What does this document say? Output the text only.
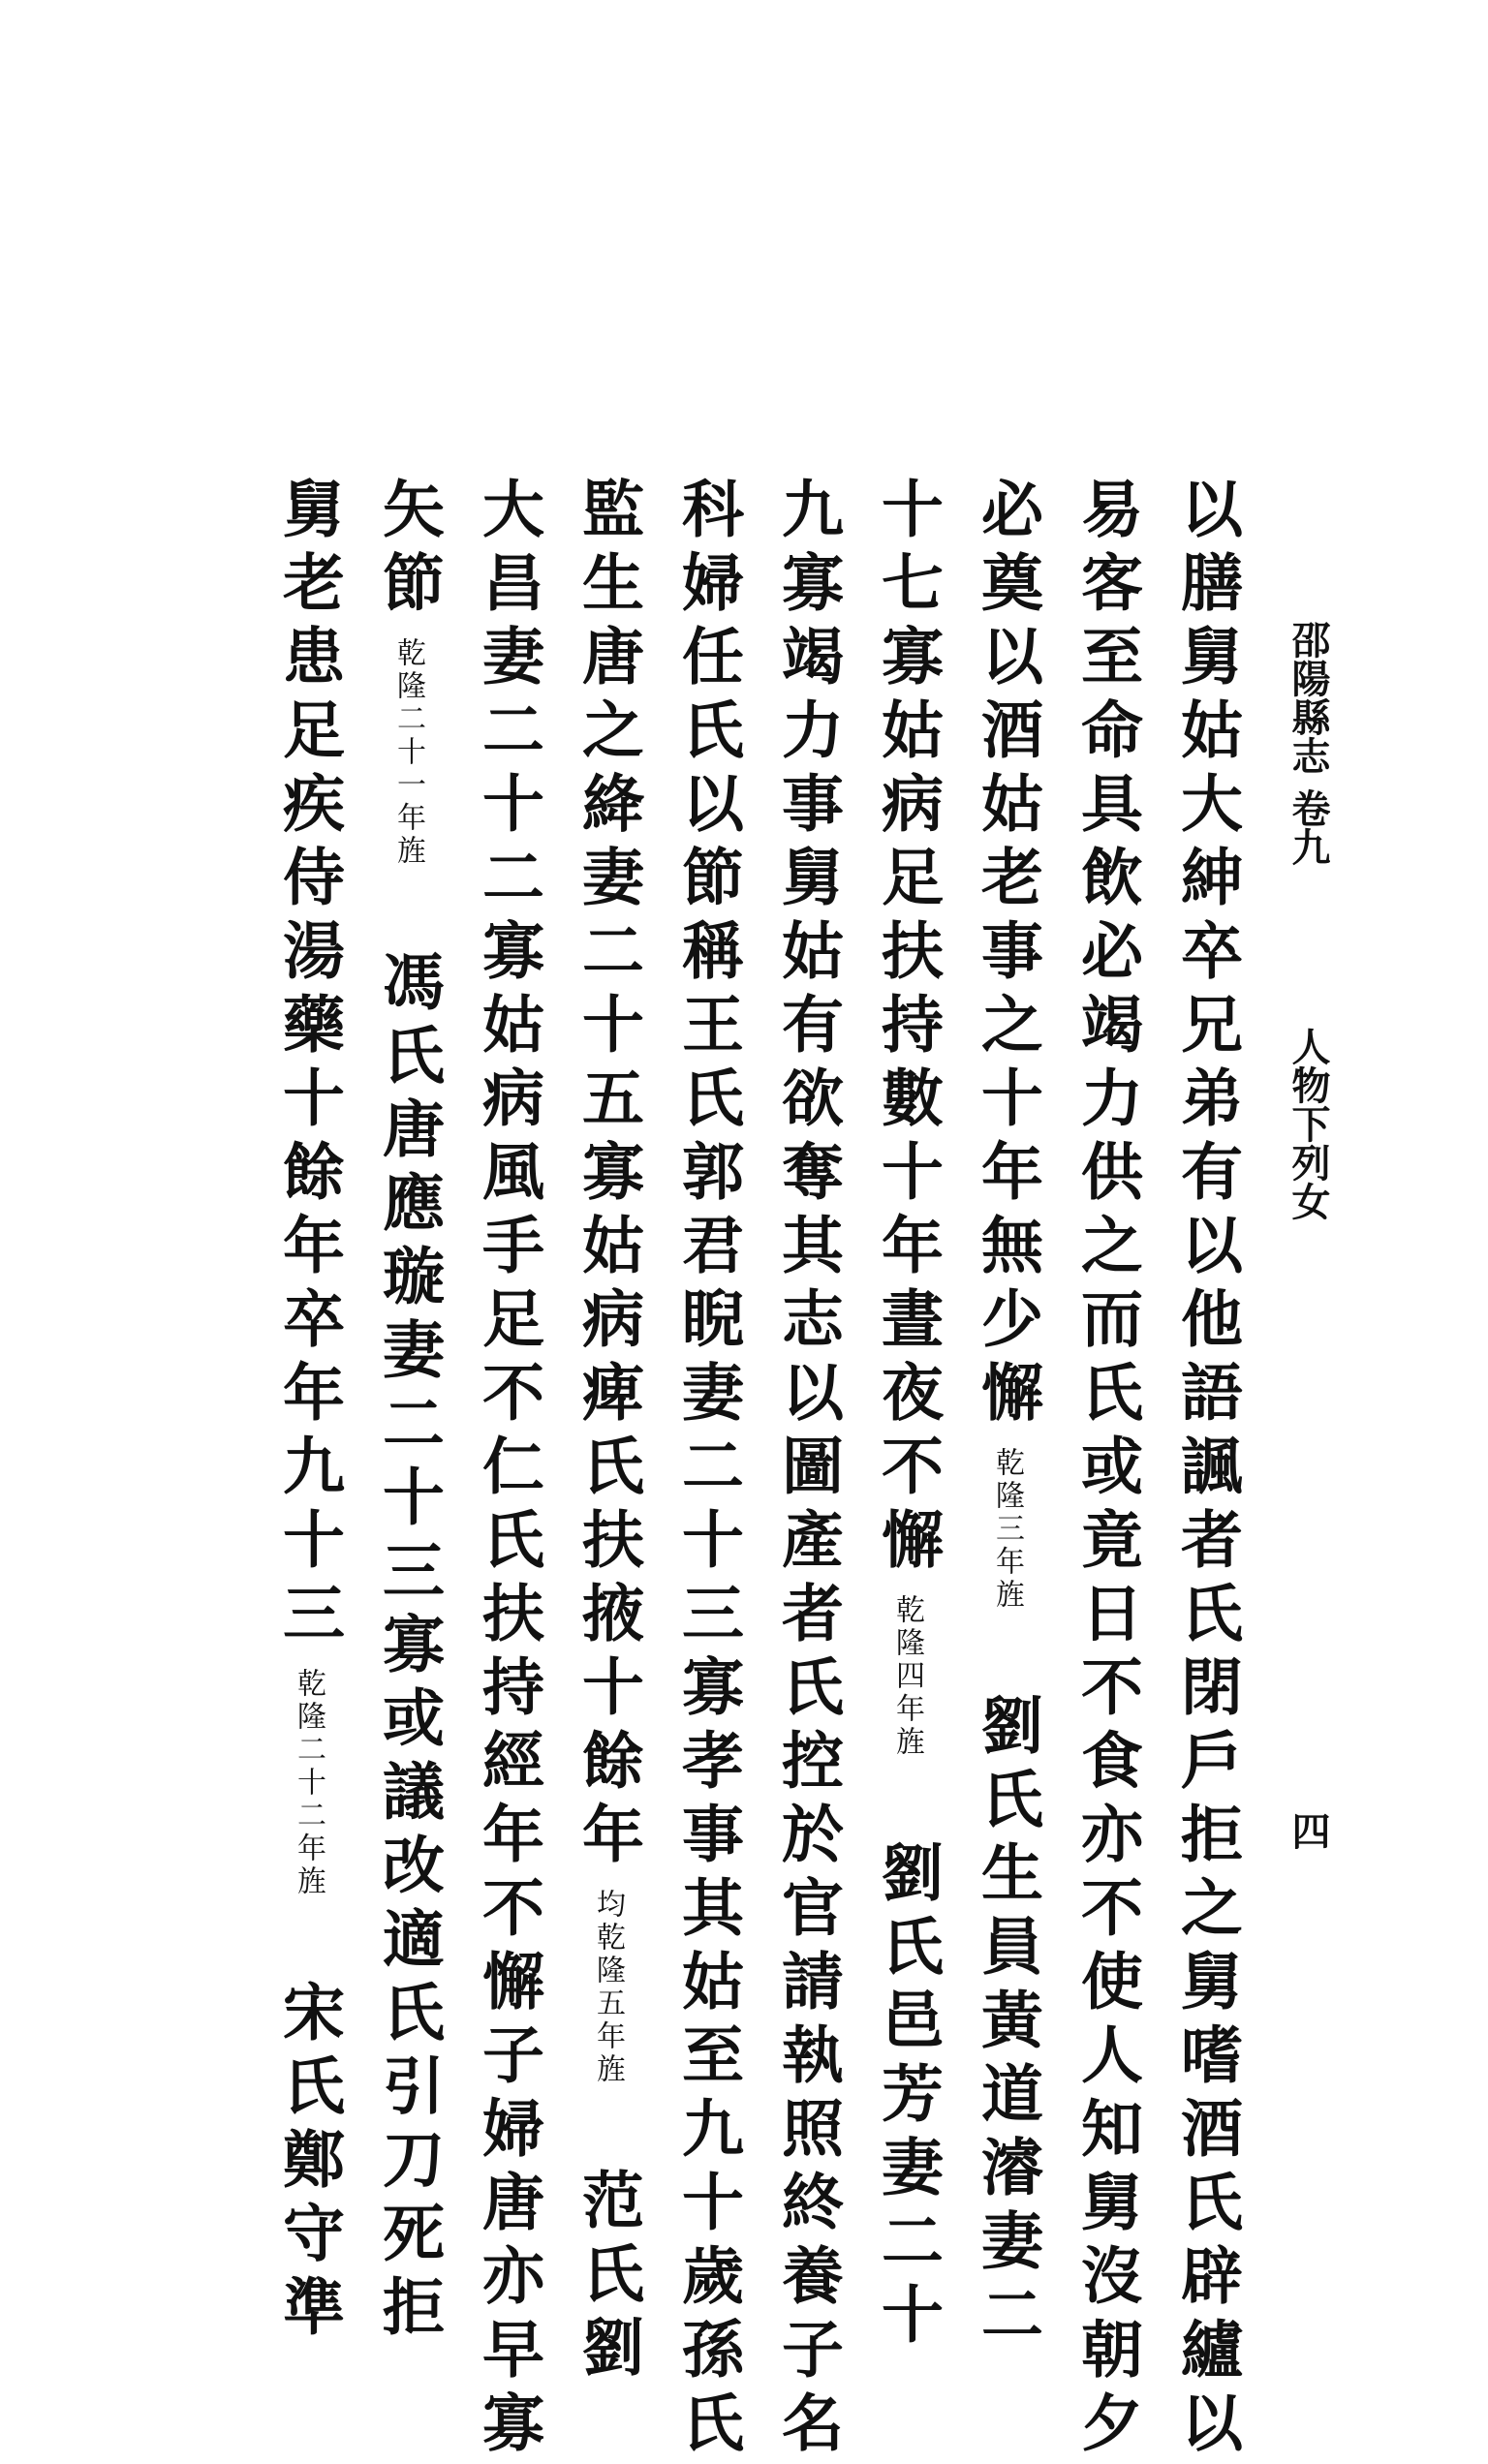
邵陽縣志 卷九
人物下列女
四
以膳舅姑大紳卒兄弟有以他語諷者氏閉戶拒之舅嗜酒氏辟纑以
易客至命具飲必竭力供之而氏或竟日不食亦不使人知舅沒朝夕
必奠以酒姑老事之十年無少懈乾隆三年旌劉氏生員黃道濬妻二
十七寡姑病足扶持數十年晝夜不懈乾隆四年旌劉氏邑芳妻二十
九寡竭力事舅姑有欲奪其志以圖產者氏控於官請執照終養子名
科婦任氏以節稱王氏郭君睨妻二十三寡孝事其姑至九十歲孫氏
監生唐之絳妻二十五寡姑病痺氏扶掖十餘年均乾隆五年旌范氏劉
大昌妻二十二寡姑病風手足不仁氏扶持經年不懈子婦唐亦早寡
矢節乾隆二十一年旌馮氏唐應璇妻二十三寡或議改適氏引刀死拒
舅老患足疾侍湯藥十餘年卒年九十三乾隆二十二年旌宋氏鄭守準
